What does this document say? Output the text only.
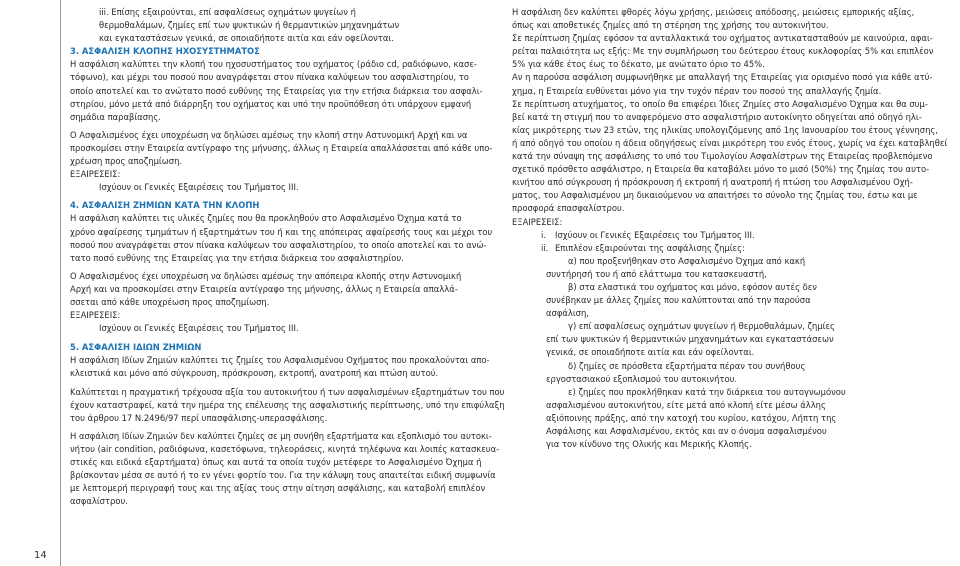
14
iii. Επίσης εξαιρούνται, επί ασφαλίσεως οχημάτων ψυγείων ή
θερμοθαλάμων, ζημίες επί των ψυκτικών ή θερμαντικών μηχανημάτων
και εγκαταστάσεων γενικά, σε οποιαδήποτε αιτία και εάν οφείλονται.
3. ΑΣΦΑΛΙΣΗ ΚΛΟΠΗΣ ΗΧΟΣΥΣΤΗΜΑΤΟΣ
Η ασφάλιση καλύπτει την κλοπή του ηχοσυστήματος του οχήματος (ράδιο cd, ραδιόφωνο, κασε-
τόφωνο), και μέχρι του ποσού που αναγράφεται στον πίνακα καλύψεων του ασφαλιστηρίου, το
οποίο αποτελεί και το ανώτατο ποσό ευθύνης της Εταιρείας για την ετήσια διάρκεια του ασφαλι-
στηρίου, μόνο μετά από διάρρηξη του οχήματος και υπό την προϋπόθεση ότι υπάρχουν εμφανή
σημάδια παραβίασης.
Ο Ασφαλισμένος έχει υποχρέωση να δηλώσει αμέσως την κλοπή στην Αστυνομική Αρχή και να
προσκομίσει στην Εταιρεία αντίγραφο της μήνυσης, άλλως η Εταιρεία απαλλάσσεται από κάθε υπο-
χρέωση προς αποζημίωση.
ΕΞΑΙΡΕΣΕΙΣ:
Ισχύουν οι Γενικές Εξαιρέσεις του Τμήματος ΙΙΙ.
4. ΑΣΦΑΛΙΣΗ ΖΗΜΙΩΝ ΚΑΤΑ ΤΗΝ ΚΛΟΠΗ
Η ασφάλιση καλύπτει τις υλικές ζημίες που θα προκληθούν στο Ασφαλισμένο Όχημα κατά το
χρόνο αφαίρεσης τμημάτων ή εξαρτημάτων του ή και της απόπειρας αφαίρεσής τους και μέχρι του
ποσού που αναγράφεται στον πίνακα καλύψεων του ασφαλιστηρίου, το οποίο αποτελεί και το ανώ-
τατο ποσό ευθύνης της Εταιρείας για την ετήσια διάρκεια του ασφαλιστηρίου.
Ο Ασφαλισμένος έχει υποχρέωση να δηλώσει αμέσως την απόπειρα κλοπής στην Αστυνομική
Αρχή και να προσκομίσει στην Εταιρεία αντίγραφο της μήνυσης, άλλως η Εταιρεία απαλλά-
σσεται από κάθε υποχρέωση προς αποζημίωση.
ΕΞΑΙΡΕΣΕΙΣ:
Ισχύουν οι Γενικές Εξαιρέσεις του Τμήματος ΙΙΙ.
5. ΑΣΦΑΛΙΣΗ ΙΔΙΩΝ ΖΗΜΙΩΝ
Η ασφάλιση Ιδίων Ζημιών καλύπτει τις ζημίες του Ασφαλισμένου Οχήματος που προκαλούνται απο-
κλειστικά και μόνο από σύγκρουση, πρόσκρουση, εκτροπή, ανατροπή και πτώση αυτού.
Καλύπτεται η πραγματική τρέχουσα αξία του αυτοκινήτου ή των ασφαλισμένων εξαρτημάτων του που
έχουν καταστραφεί, κατά την ημέρα της επέλευσης της ασφαλιστικής περίπτωσης, υπό την επιφύλαξη
του άρθρου 17 Ν.2496/97 περί υπασφάλισης-υπερασφάλισης.
Η ασφάλιση Ιδίων Ζημιών δεν καλύπτει ζημίες σε μη συνήθη εξαρτήματα και εξοπλισμό του αυτοκι-
νήτου (air condition, ραδιόφωνα, κασετόφωνα, τηλεοράσεις, κινητά τηλέφωνα και λοιπές κατασκευα-
στικές και ειδικά εξαρτήματα) όπως και αυτά τα οποία τυχόν μετέφερε το Ασφαλισμένο Όχημα ή
βρίσκονταν μέσα σε αυτό ή το εν γένει φορτίο του. Για την κάλυψη τους απαιτείται ειδική συμφωνία
με λεπτομερή περιγραφή τους και της αξίας τους στην αίτηση ασφάλισης, και καταβολή επιπλέον
ασφαλίστρου.
Η ασφάλιση δεν καλύπτει φθορές λόγω χρήσης, μειώσεις απόδοσης, μειώσεις εμπορικής αξίας,
όπως και αποθετικές ζημίες από τη στέρηση της χρήσης του αυτοκινήτου.
Σε περίπτωση ζημίας εφόσον τα ανταλλακτικά του οχήματος αντικατασταθούν με καινούρια, αφαι-
ρείται παλαιότητα ως εξής: Με την συμπλήρωση του δεύτερου έτους κυκλοφορίας 5% και επιπλέον
5% για κάθε έτος έως το δέκατο, με ανώτατο όριο το 45%.
Αν η παρούσα ασφάλιση συμφωνήθηκε με απαλλαγή της Εταιρείας για ορισμένο ποσό για κάθε ατύ-
χημα, η Εταιρεία ευθύνεται μόνο για την τυχόν πέραν του ποσού της απαλλαγής ζημία.
Σε περίπτωση ατυχήματος, το οποίο θα επιφέρει Ίδιες Ζημίες στο Ασφαλισμένο Όχημα και θα συμ-
βεί κατά τη στιγμή που το αναφερόμενο στο ασφαλιστήριο αυτοκίνητο οδηγείται από οδηγό ηλι-
κίας μικρότερης των 23 ετών, της ηλικίας υπολογιζόμενης από 1ης Ιανουαρίου του έτους γέννησης,
ή από οδηγό του οποίου η άδεια οδηγήσεως είναι μικρότερη του ενός έτους, χωρίς να έχει καταβληθεί
κατά την σύναψη της ασφάλισης το υπό του Τιμολογίου Ασφαλίστρων της Εταιρείας προβλεπόμενο
σχετικό πρόσθετο ασφάλιστρο, η Εταιρεία θα καταβάλει μόνο το μισό (50%) της ζημίας του αυτο-
κινήτου από σύγκρουση ή πρόσκρουση ή εκτροπή ή ανατροπή ή πτώση του Ασφαλισμένου Οχή-
ματος, του Ασφαλισμένου μη δικαιούμενου να απαιτήσει το σύνολο της ζημίας του, έστω και με
προσφορά επασφαλίστρου.
ΕΞΑΙΡΕΣΕΙΣ:
i.	Ισχύουν οι Γενικές Εξαιρέσεις του Τμήματος ΙΙΙ.
ii. Επιπλέον εξαιρούνται της ασφάλισης ζημίες:
α) που προξενήθηκαν στο Ασφαλισμένο Όχημα από κακή
συντήρησή του ή από ελάττωμα του κατασκευαστή,
β) στα ελαστικά του οχήματος και μόνο, εφόσον αυτές δεν
συνέβηκαν με άλλες ζημίες που καλύπτονται από την παρούσα
ασφάλιση,
γ) επί ασφαλίσεως οχημάτων ψυγείων ή θερμοθαλάμων, ζημίες
επί των ψυκτικών ή θερμαντικών μηχανημάτων και εγκαταστάσεων
γενικά, σε οποιαδήποτε αιτία και εάν οφείλονται.
δ) ζημίες σε πρόσθετα εξαρτήματα πέραν του συνήθους
εργοστασιακού εξοπλισμού του αυτοκινήτου.
ε) ζημίες που προκλήθηκαν κατά την διάρκεια του αυτογνωμόνου
ασφαλισμένου αυτοκινήτου, είτε μετά από κλοπή είτε μέσω άλλης
αξιόποινης πράξης, από την κατοχή του κυρίου, κατόχου, Λήπτη της
Ασφάλισης και Ασφαλισμένου, εκτός και αν ο όνομα ασφαλισμένου
για τον κίνδυνο της Ολικής και Μερικής Κλοπής.
